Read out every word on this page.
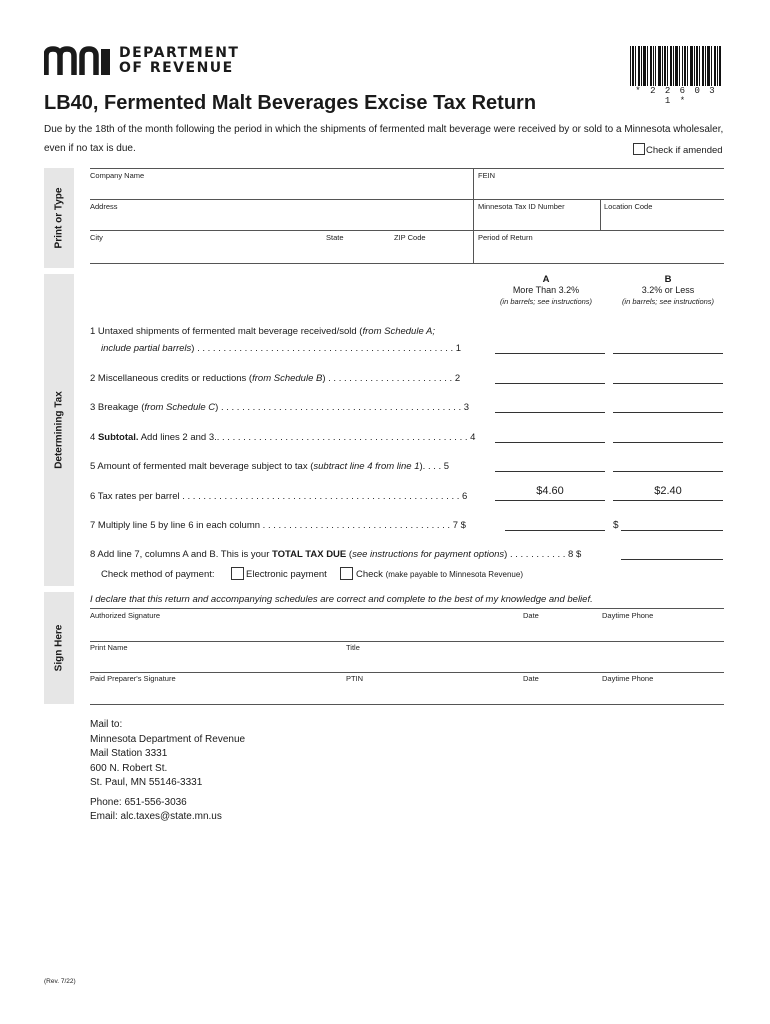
DEPARTMENT
OF REVENUE
* 2 2 6 0 3 1 *
LB40, Fermented Malt Beverages Excise Tax Return
Due by the 18th of the month following the period in which the shipments of fermented malt beverage were received by or sold to a Minnesota wholesaler, even if no tax is due.	Check if amended
Print or Type
Company Name	FEIN
Address	Minnesota Tax ID Number	Location Code
City	State	ZIP Code	Period of Return
Determining Tax
A
More Than 3.2%
(in barrels; see instructions)
B
3.2% or Less
(in barrels; see instructions)
1 Untaxed shipments of fermented malt beverage received/sold (from Schedule A;
include partial barrels) . . . . . . . . . . . . . . . . . . . . . . . . . . . . . . . . . . . . . . . . . . . . . . . . . 1
2 Miscellaneous credits or reductions (from Schedule B) . . . . . . . . . . . . . . . . . . . . . . . . 2
3 Breakage (from Schedule C) . . . . . . . . . . . . . . . . . . . . . . . . . . . . . . . . . . . . . . . . . . . . . . 3
4 Subtotal. Add lines 2 and 3.. . . . . . . . . . . . . . . . . . . . . . . . . . . . . . . . . . . . . . . . . . . . . . . . 4
5 Amount of fermented malt beverage subject to tax (subtract line 4 from line 1). . . . 5
6 Tax rates per barrel . . . . . . . . . . . . . . . . . . . . . . . . . . . . . . . . . . . . . . . . . . . . . . . . . . . . . 6	$4.60	$2.40
7 Multiply line 5 by line 6 in each column . . . . . . . . . . . . . . . . . . . . . . . . . . . . . . . . . . . . 7 $	$
8 Add line 7, columns A and B. This is your TOTAL TAX DUE (see instructions for payment options) . . . . . . . . . . . 8 $
Check method of payment:	Electronic payment	Check (make payable to Minnesota Revenue)
Sign Here
I declare that this return and accompanying schedules are correct and complete to the best of my knowledge and belief.
Authorized Signature	Date	Daytime Phone
Print Name	Title
Paid Preparer's Signature	PTIN	Date	Daytime Phone
Mail to:
Minnesota Department of Revenue
Mail Station 3331
600 N. Robert St.
St. Paul, MN 55146-3331
Phone: 651-556-3036
Email: alc.taxes@state.mn.us
(Rev. 7/22)
